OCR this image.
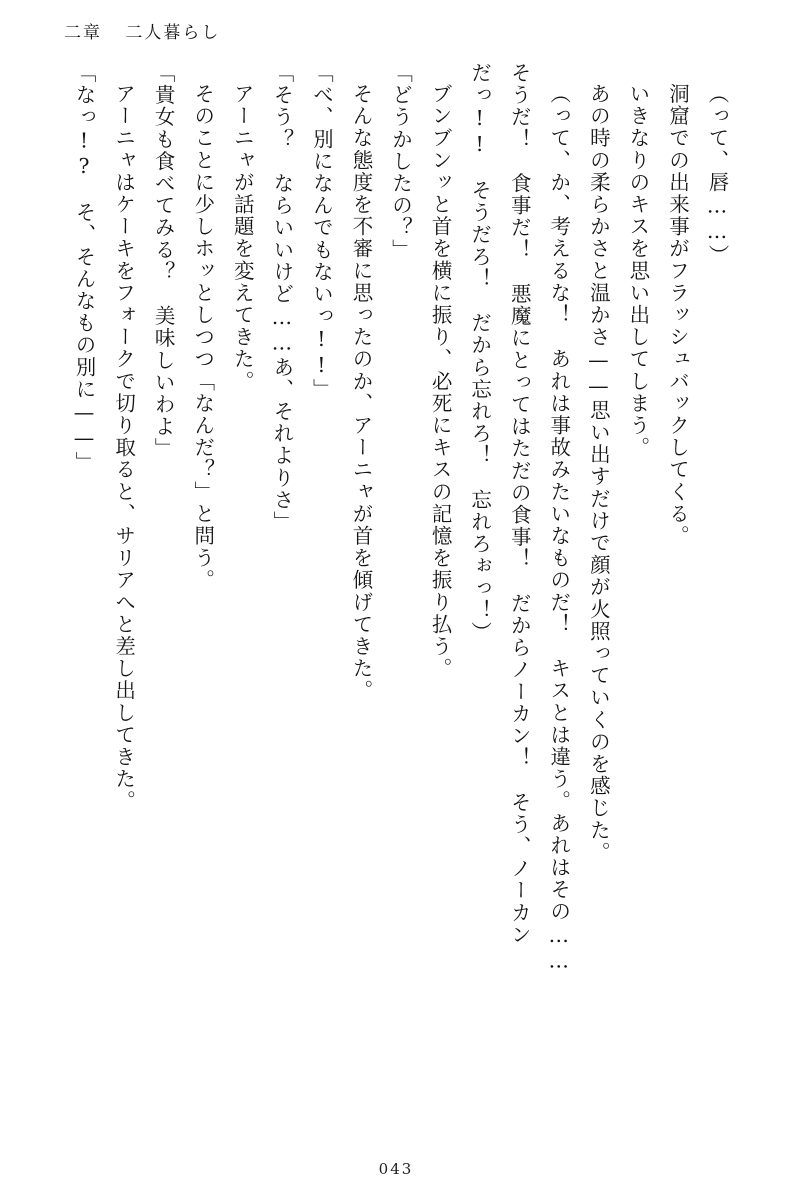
二章 二人暮らし

（って、唇……）

洞窟での出来事がフラッシュバックしてくる。

いきなりのキスを思い出してしまう。

あの時の柔らかさと温かさ——思い出すだけで顔が火照っていくのを感じた。

（って、か、考えるな！　あれは事故みたいなものだ！　キスとは違う。あれはその……

そうだ！　食事だ！　悪魔にとってはただの食事！　だからノーカン！　そう、ノーカン

だっ!!　そうだろ！　だから忘れろ！　忘れろぉっ！）

ブンブンッと首を横に振り、必死にキスの記憶を振り払う。

「どうかしたの？」

そんな態度を不審に思ったのか、アーニャが首を傾げてきた。

「べ、別になんでもないっ!!」

「そう？　ならいいけど……あ、それよりさ」

アーニャが話題を変えてきた。

そのことに少しホッとしつつ「なんだ？」と問う。

「貴女も食べてみる？　美味しいわよ」

アーニャはケーキをフォークで切り取ると、サリアへと差し出してきた。

「なっ!?　そ、そんなもの別に——」

043
